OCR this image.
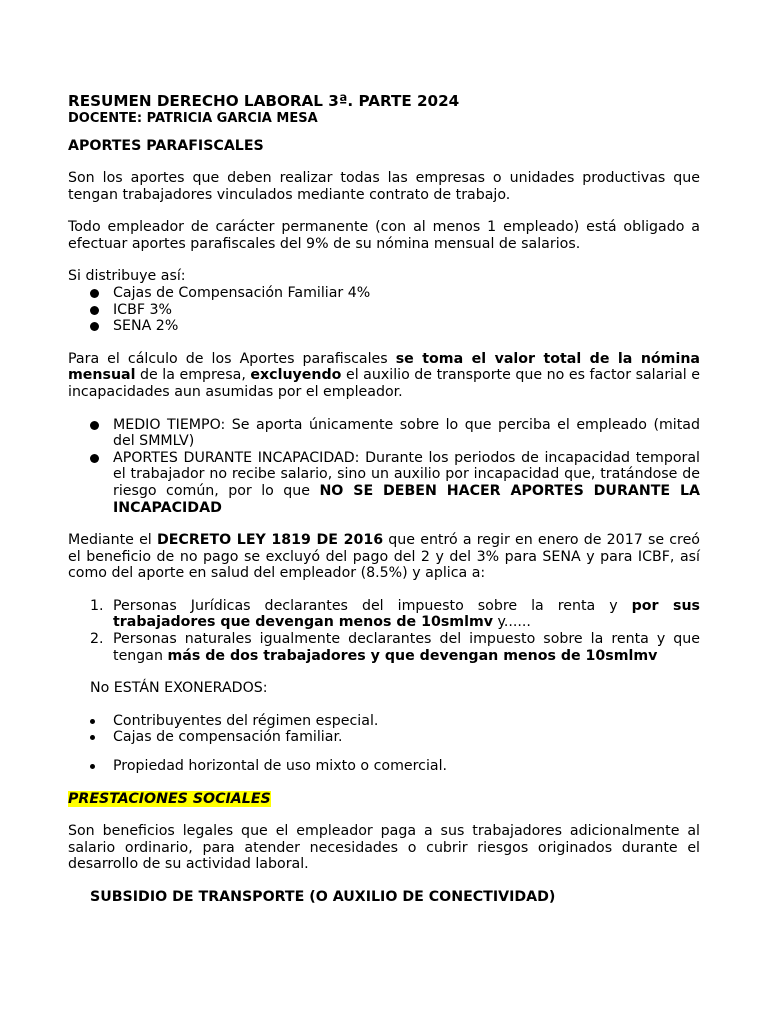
RESUMEN DERECHO LABORAL 3ª. PARTE 2024

DOCENTE: PATRICIA GARCIA MESA

APORTES PARAFISCALES

Son los aportes que deben realizar todas las empresas o unidades productivas que tengan trabajadores vinculados mediante contrato de trabajo.

Todo empleador de carácter permanente (con al menos 1 empleado) está obligado a efectuar aportes parafiscales del 9% de su nómina mensual de salarios.

Si distribuye así:

Cajas de Compensación Familiar 4%
ICBF 3%
SENA 2%

Para el cálculo de los Aportes parafiscales se toma el valor total de la nómina mensual de la empresa, excluyendo el auxilio de transporte que no es factor salarial e incapacidades aun asumidas por el empleador.

MEDIO TIEMPO: Se aporta únicamente sobre lo que perciba el empleado (mitad del SMMLV)
APORTES DURANTE INCAPACIDAD: Durante los periodos de incapacidad temporal el trabajador no recibe salario, sino un auxilio por incapacidad que, tratándose de riesgo común, por lo que NO SE DEBEN HACER APORTES DURANTE LA INCAPACIDAD

Mediante el DECRETO LEY 1819 DE 2016 que entró a regir en enero de 2017 se creó el beneficio de no pago se excluyó del pago del 2 y del 3% para SENA y para ICBF, así como del aporte en salud del empleador (8.5%) y aplica a:

1. Personas Jurídicas declarantes del impuesto sobre la renta y por sus trabajadores que devengan menos de 10smlmv y......
2. Personas naturales igualmente declarantes del impuesto sobre la renta y que tengan más de dos trabajadores y que devengan menos de 10smlmv

No ESTÁN EXONERADOS:

Contribuyentes del régimen especial.
Cajas de compensación familiar.
Propiedad horizontal de uso mixto o comercial.

PRESTACIONES SOCIALES

Son beneficios legales que el empleador paga a sus trabajadores adicionalmente al salario ordinario, para atender necesidades o cubrir riesgos originados durante el desarrollo de su actividad laboral.

SUBSIDIO DE TRANSPORTE (O AUXILIO DE CONECTIVIDAD)
